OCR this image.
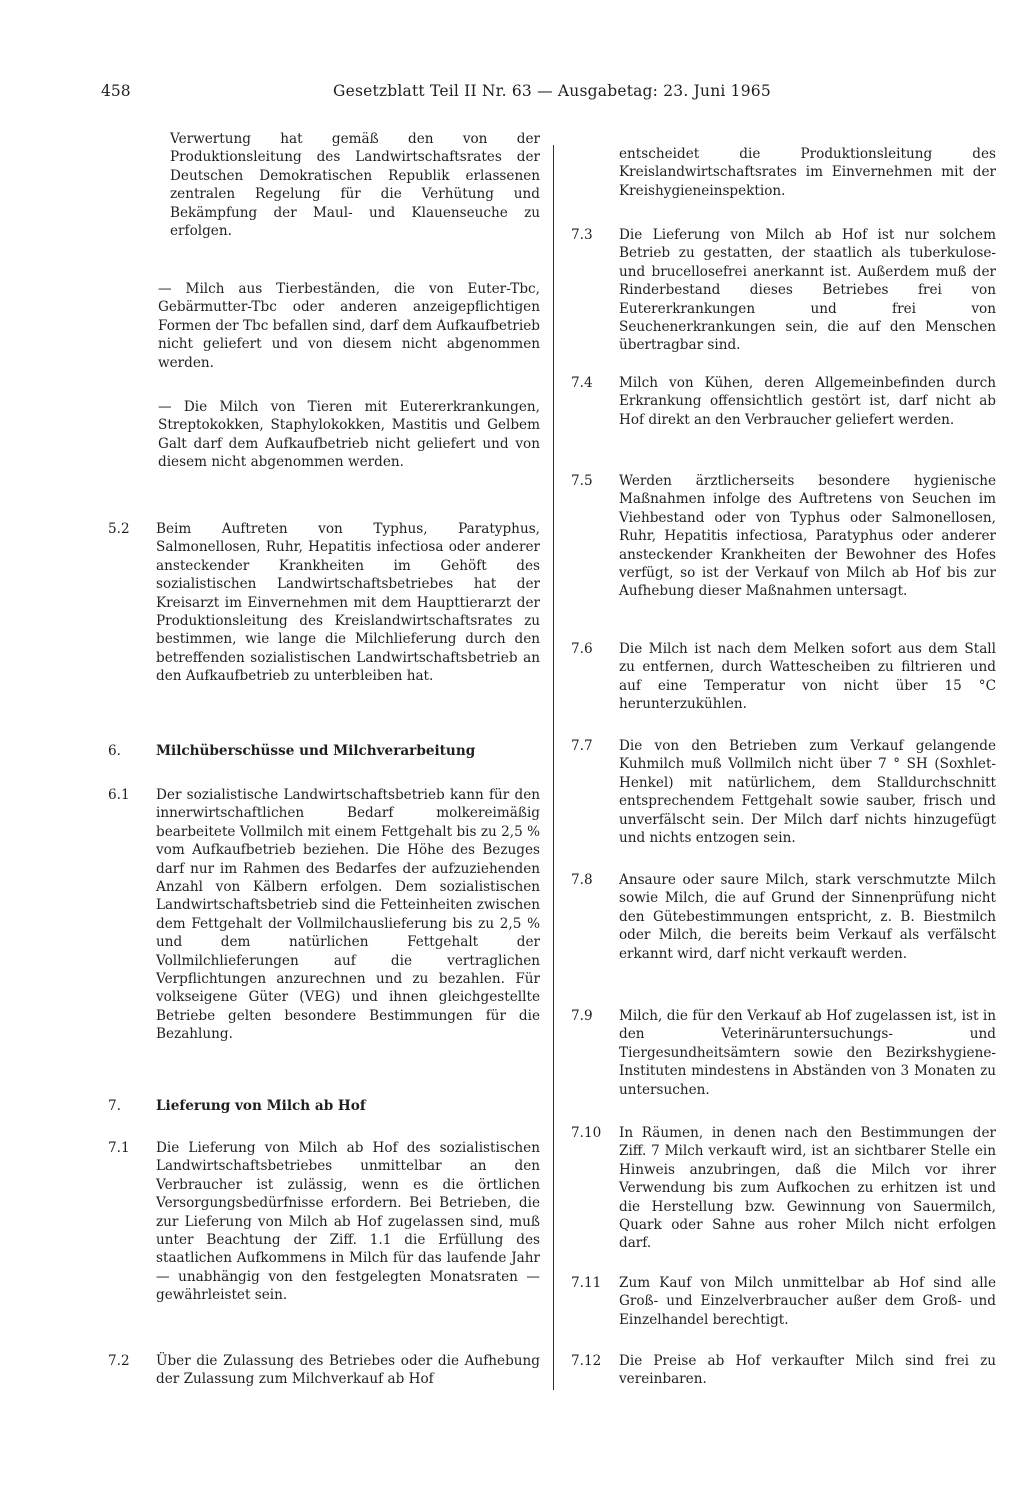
458	Gesetzblatt Teil II Nr. 63 — Ausgabetag: 23. Juni 1965

Verwertung hat gemäß den von der Produktionsleitung des Landwirtschaftsrates der Deutschen Demokratischen Republik erlassenen zentralen Regelung für die Verhütung und Bekämpfung der Maul- und Klauenseuche zu erfolgen.

— Milch aus Tierbeständen, die von Euter-Tbc, Gebärmutter-Tbc oder anderen anzeigepflichtigen Formen der Tbc befallen sind, darf dem Aufkaufbetrieb nicht geliefert und von diesem nicht abgenommen werden.

— Die Milch von Tieren mit Eutererkrankungen, Streptokokken, Staphylokokken, Mastitis und Gelbem Galt darf dem Aufkaufbetrieb nicht geliefert und von diesem nicht abgenommen werden.

5.2 Beim Auftreten von Typhus, Paratyphus, Salmonellosen, Ruhr, Hepatitis infectiosa oder anderer ansteckender Krankheiten im Gehöft des sozialistischen Landwirtschaftsbetriebes hat der Kreisarzt im Einvernehmen mit dem Haupttierarzt der Produktionsleitung des Kreislandwirtschaftsrates zu bestimmen, wie lange die Milchlieferung durch den betreffenden sozialistischen Landwirtschaftsbetrieb an den Aufkaufbetrieb zu unterbleiben hat.

6.	Milchüberschüsse und Milchverarbeitung

6.1 Der sozialistische Landwirtschaftsbetrieb kann für den innerwirtschaftlichen Bedarf molkereimäßig bearbeitete Vollmilch mit einem Fettgehalt bis zu 2,5 % vom Aufkaufbetrieb beziehen. Die Höhe des Bezuges darf nur im Rahmen des Bedarfes der aufzuziehenden Anzahl von Kälbern erfolgen. Dem sozialistischen Landwirtschaftsbetrieb sind die Fetteinheiten zwischen dem Fettgehalt der Vollmilchauslieferung bis zu 2,5 % und dem natürlichen Fettgehalt der Vollmilchlieferungen auf die vertraglichen Verpflichtungen anzurechnen und zu bezahlen. Für volkseigene Güter (VEG) und ihnen gleichgestellte Betriebe gelten besondere Bestimmungen für die Bezahlung.

7.	Lieferung von Milch ab Hof

7.1 Die Lieferung von Milch ab Hof des sozialistischen Landwirtschaftsbetriebes unmittelbar an den Verbraucher ist zulässig, wenn es die örtlichen Versorgungsbedürfnisse erfordern. Bei Betrieben, die zur Lieferung von Milch ab Hof zugelassen sind, muß unter Beachtung der Ziff. 1.1 die Erfüllung des staatlichen Aufkommens in Milch für das laufende Jahr — unabhängig von den festgelegten Monatsraten — gewährleistet sein.

7.2 Über die Zulassung des Betriebes oder die Aufhebung der Zulassung zum Milchverkauf ab Hof

entscheidet die Produktionsleitung des Kreislandwirtschaftsrates im Einvernehmen mit der Kreishygieneinspektion.

7.3 Die Lieferung von Milch ab Hof ist nur solchem Betrieb zu gestatten, der staatlich als tuberkulose- und brucellosefrei anerkannt ist. Außerdem muß der Rinderbestand dieses Betriebes frei von Eutererkrankungen und frei von Seuchenerkrankungen sein, die auf den Menschen übertragbar sind.

7.4 Milch von Kühen, deren Allgemeinbefinden durch Erkrankung offensichtlich gestört ist, darf nicht ab Hof direkt an den Verbraucher geliefert werden.

7.5 Werden ärztlicherseits besondere hygienische Maßnahmen infolge des Auftretens von Seuchen im Viehbestand oder von Typhus oder Salmonellosen, Ruhr, Hepatitis infectiosa, Paratyphus oder anderer ansteckender Krankheiten der Bewohner des Hofes verfügt, so ist der Verkauf von Milch ab Hof bis zur Aufhebung dieser Maßnahmen untersagt.

7.6 Die Milch ist nach dem Melken sofort aus dem Stall zu entfernen, durch Wattescheiben zu filtrieren und auf eine Temperatur von nicht über 15 °C herunterzukühlen.

7.7 Die von den Betrieben zum Verkauf gelangende Kuhmilch muß Vollmilch nicht über 7 ° SH (Soxhlet-Henkel) mit natürlichem, dem Stalldurchschnitt entsprechendem Fettgehalt sowie sauber, frisch und unverfälscht sein. Der Milch darf nichts hinzugefügt und nichts entzogen sein.

7.8 Ansaure oder saure Milch, stark verschmutzte Milch sowie Milch, die auf Grund der Sinnenprüfung nicht den Gütebestimmungen entspricht, z. B. Biestmilch oder Milch, die bereits beim Verkauf als verfälscht erkannt wird, darf nicht verkauft werden.

7.9 Milch, die für den Verkauf ab Hof zugelassen ist, ist in den Veterinäruntersuchungs- und Tiergesundheitsämtern sowie den Bezirkshygiene-Instituten mindestens in Abständen von 3 Monaten zu untersuchen.

7.10 In Räumen, in denen nach den Bestimmungen der Ziff. 7 Milch verkauft wird, ist an sichtbarer Stelle ein Hinweis anzubringen, daß die Milch vor ihrer Verwendung bis zum Aufkochen zu erhitzen ist und die Herstellung bzw. Gewinnung von Sauermilch, Quark oder Sahne aus roher Milch nicht erfolgen darf.

7.11 Zum Kauf von Milch unmittelbar ab Hof sind alle Groß- und Einzelverbraucher außer dem Groß- und Einzelhandel berechtigt.

7.12 Die Preise ab Hof verkaufter Milch sind frei zu vereinbaren.
